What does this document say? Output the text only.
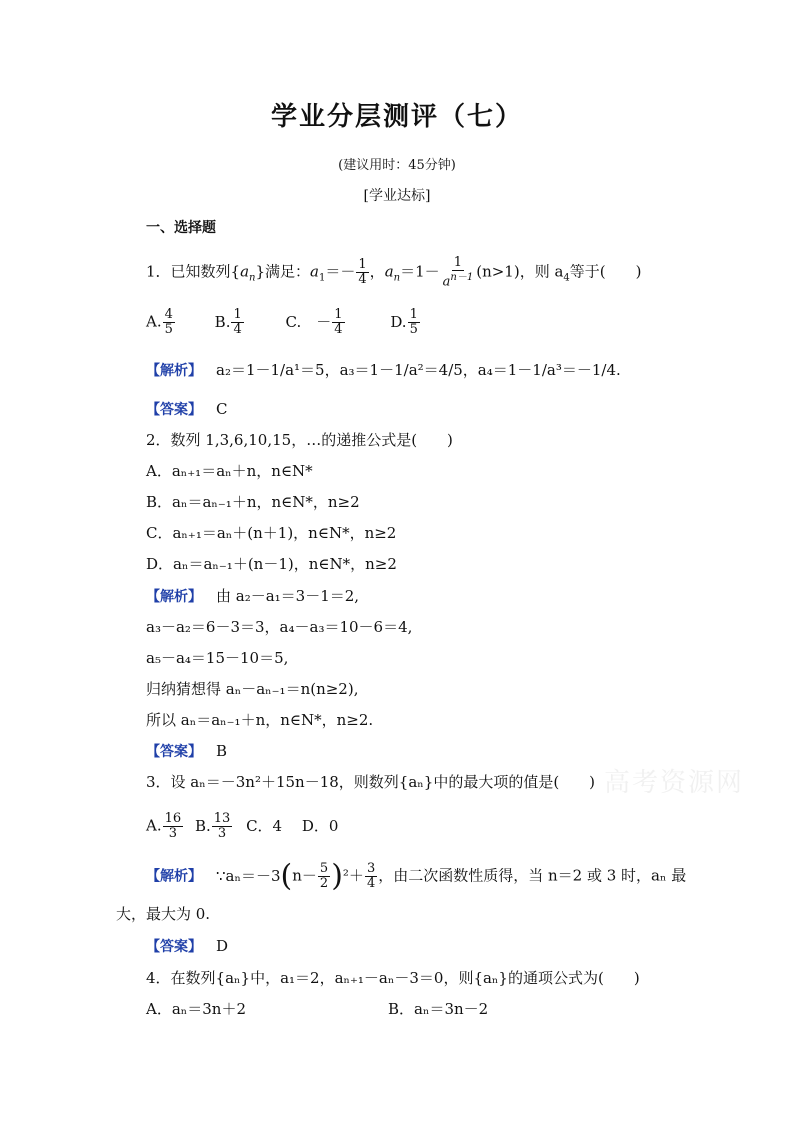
学业分层测评（七）
(建议用时：45分钟)
[学业达标]
一、选择题
1．已知数列$\{a_n\}$满足：$a_1=- \frac{1}{4}$ ，$a_n=1- \frac{1}{a^{n-1}} (n>1)$，则 $a_4$等于(　　)
A. $\frac{4}{5}$	B. $\frac{1}{4}$	C.　－ $\frac{1}{4}$	D. $\frac{1}{5}$
【解析】 a₂＝1－1/a¹＝5，a₃＝1－1/a²＝4/5，a₄＝1－1/a³＝－1/4.
【答案】 C
2．数列 1,3,6,10,15，…的递推公式是(　　)
A．aₙ₊₁＝aₙ＋n，n∈N*
B．aₙ＝aₙ₋₁＋n，n∈N*，n≥2
C．aₙ₊₁＝aₙ＋(n＋1)，n∈N*，n≥2
D．aₙ＝aₙ₋₁＋(n－1)，n∈N*，n≥2
【解析】 由 a₂－a₁＝3－1＝2,
a₃－a₂＝6－3＝3，a₄－a₃＝10－6＝4,
a₅－a₄＝15－10＝5,
归纳猜想得 aₙ－aₙ₋₁＝n(n≥2),
所以 aₙ＝aₙ₋₁＋n，n∈N*，n≥2.
【答案】 B
高考资源网
3．设 aₙ＝－3n²＋15n－18，则数列{aₙ}中的最大项的值是(　　)
A. $\frac{16}{3} B$. $\frac{13}{3}$ C．4　 D．0
【解析】 ∵aₙ＝－3(n－ $\frac{5}{2} )^2+ \frac{3}{4}$ ，由二次函数性质得，当 n＝2 或 3 时，aₙ 最
大，最大为 0.
【答案】 D
4．在数列{aₙ}中，a₁＝2，aₙ₊₁－aₙ－3＝0，则{aₙ}的通项公式为(　　)
A．aₙ＝3n＋2	B．aₙ＝3n－2
